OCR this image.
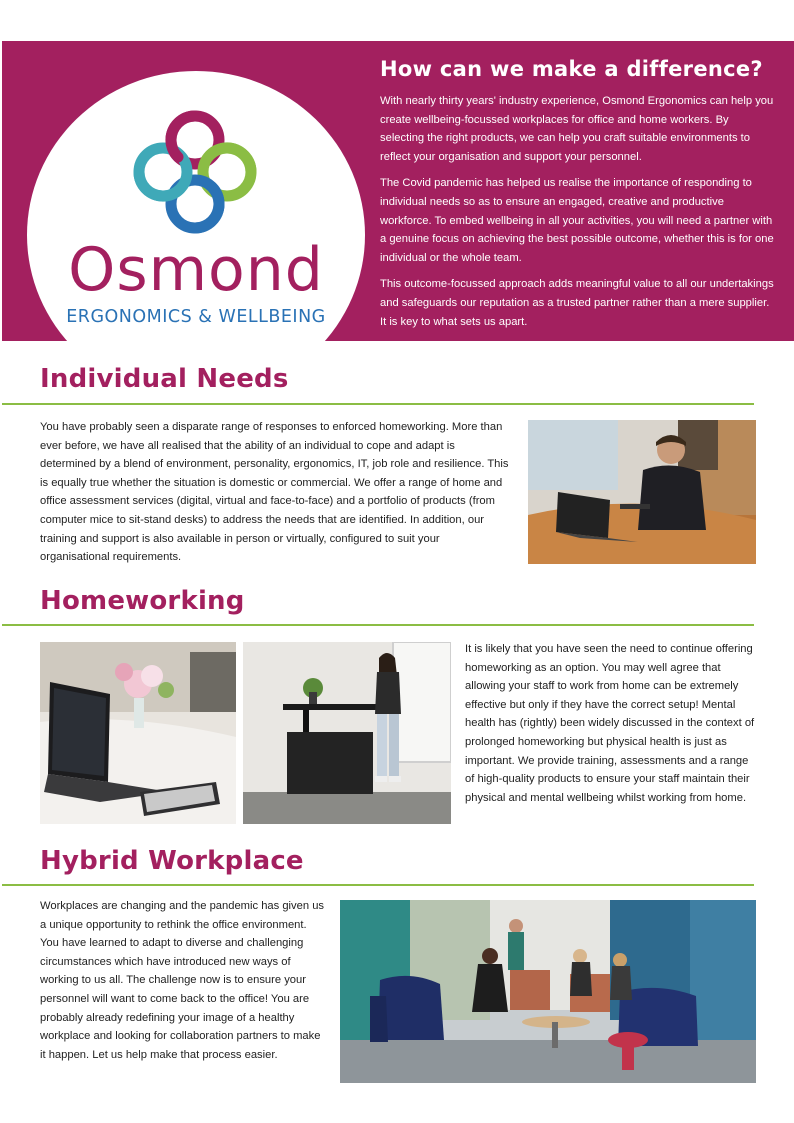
Osmond
ERGONOMICS & WELLBEING
How can we make a difference?

With nearly thirty years' industry experience, Osmond Ergonomics can help you create wellbeing-focussed workplaces for office and home workers. By selecting the right products, we can help you craft suitable environments to reflect your organisation and support your personnel.

The Covid pandemic has helped us realise the importance of responding to individual needs so as to ensure an engaged, creative and productive workforce. To embed wellbeing in all your activities, you will need a partner with a genuine focus on achieving the best possible outcome, whether this is for one individual or the whole team.

This outcome-focussed approach adds meaningful value to all our undertakings and safeguards our reputation as a trusted partner rather than a mere supplier. It is key to what sets us apart.

Individual Needs
You have probably seen a disparate range of responses to enforced homeworking. More than ever before, we have all realised that the ability of an individual to cope and adapt is determined by a blend of environment, personality, ergonomics, IT, job role and resilience. This is equally true whether the situation is domestic or commercial. We offer a range of home and office assessment services (digital, virtual and face-to-face) and a portfolio of products (from computer mice to sit-stand desks) to address the needs that are identified. In addition, our training and support is also available in person or virtually, configured to suit your organisational requirements.
Homeworking
It is likely that you have seen the need to continue offering homeworking as an option. You may well agree that allowing your staff to work from home can be extremely effective but only if they have the correct setup! Mental health has (rightly) been widely discussed in the context of prolonged homeworking but physical health is just as important. We provide training, assessments and a range of high-quality products to ensure your staff maintain their physical and mental wellbeing whilst working from home.
Hybrid Workplace
Workplaces are changing and the pandemic has given us a unique opportunity to rethink the office environment. You have learned to adapt to diverse and challenging circumstances which have introduced new ways of working to us all. The challenge now is to ensure your personnel will want to come back to the office! You are probably already redefining your image of a healthy workplace and looking for collaboration partners to make it happen. Let us help make that process easier.
